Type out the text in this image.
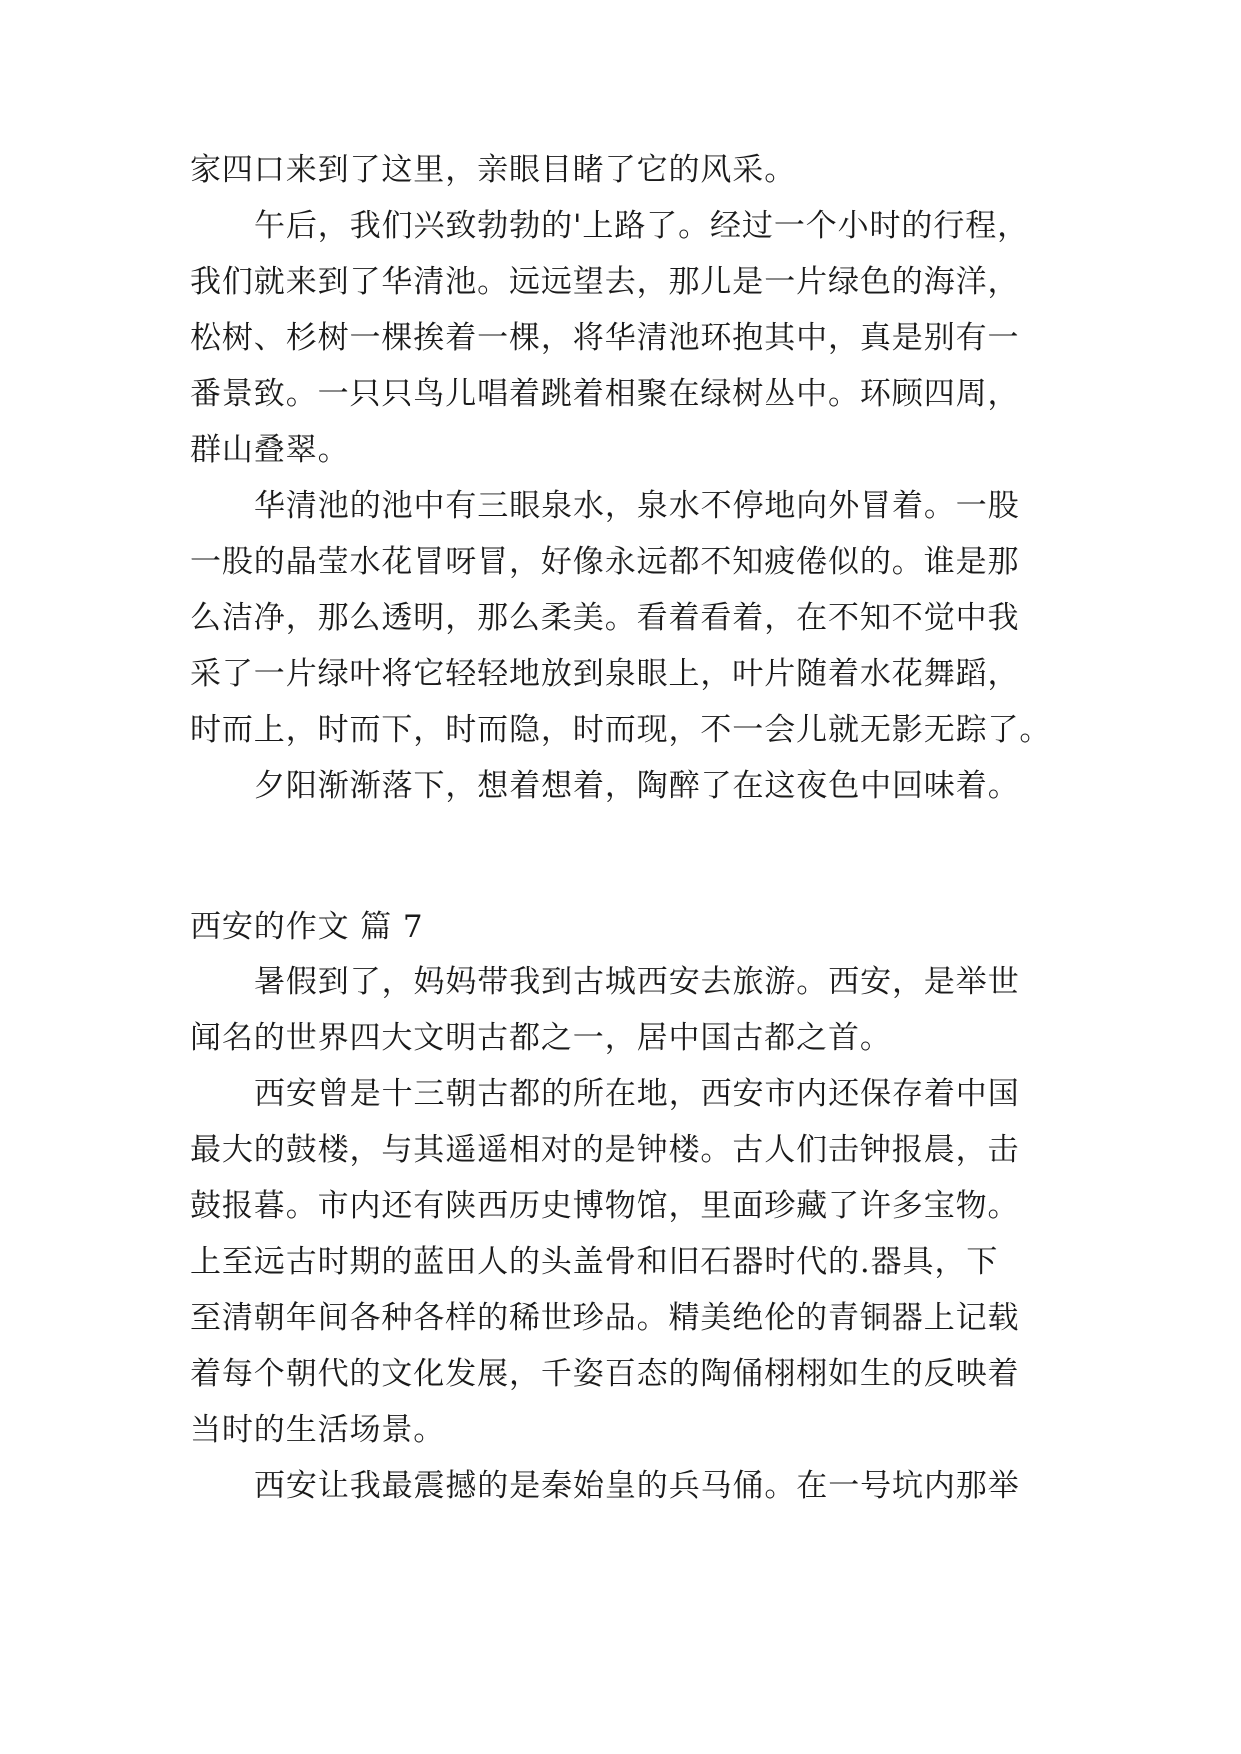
家四口来到了这里，亲眼目睹了它的风采。
午后，我们兴致勃勃的'上路了。经过一个小时的行程，
我们就来到了华清池。远远望去，那儿是一片绿色的海洋，
松树、杉树一棵挨着一棵，将华清池环抱其中，真是别有一
番景致。一只只鸟儿唱着跳着相聚在绿树丛中。环顾四周，
群山叠翠。
华清池的池中有三眼泉水，泉水不停地向外冒着。一股
一股的晶莹水花冒呀冒，好像永远都不知疲倦似的。谁是那
么洁净，那么透明，那么柔美。看着看着，在不知不觉中我
采了一片绿叶将它轻轻地放到泉眼上，叶片随着水花舞蹈，
时而上，时而下，时而隐，时而现，不一会儿就无影无踪了。
夕阳渐渐落下，想着想着，陶醉了在这夜色中回味着。
西安的作文 篇 7
暑假到了，妈妈带我到古城西安去旅游。西安，是举世
闻名的世界四大文明古都之一，居中国古都之首。
西安曾是十三朝古都的所在地，西安市内还保存着中国
最大的鼓楼，与其遥遥相对的是钟楼。古人们击钟报晨，击
鼓报暮。市内还有陕西历史博物馆，里面珍藏了许多宝物。
上至远古时期的蓝田人的头盖骨和旧石器时代的.器具，下
至清朝年间各种各样的稀世珍品。精美绝伦的青铜器上记载
着每个朝代的文化发展，千姿百态的陶俑栩栩如生的反映着
当时的生活场景。
西安让我最震撼的是秦始皇的兵马俑。在一号坑内那举
